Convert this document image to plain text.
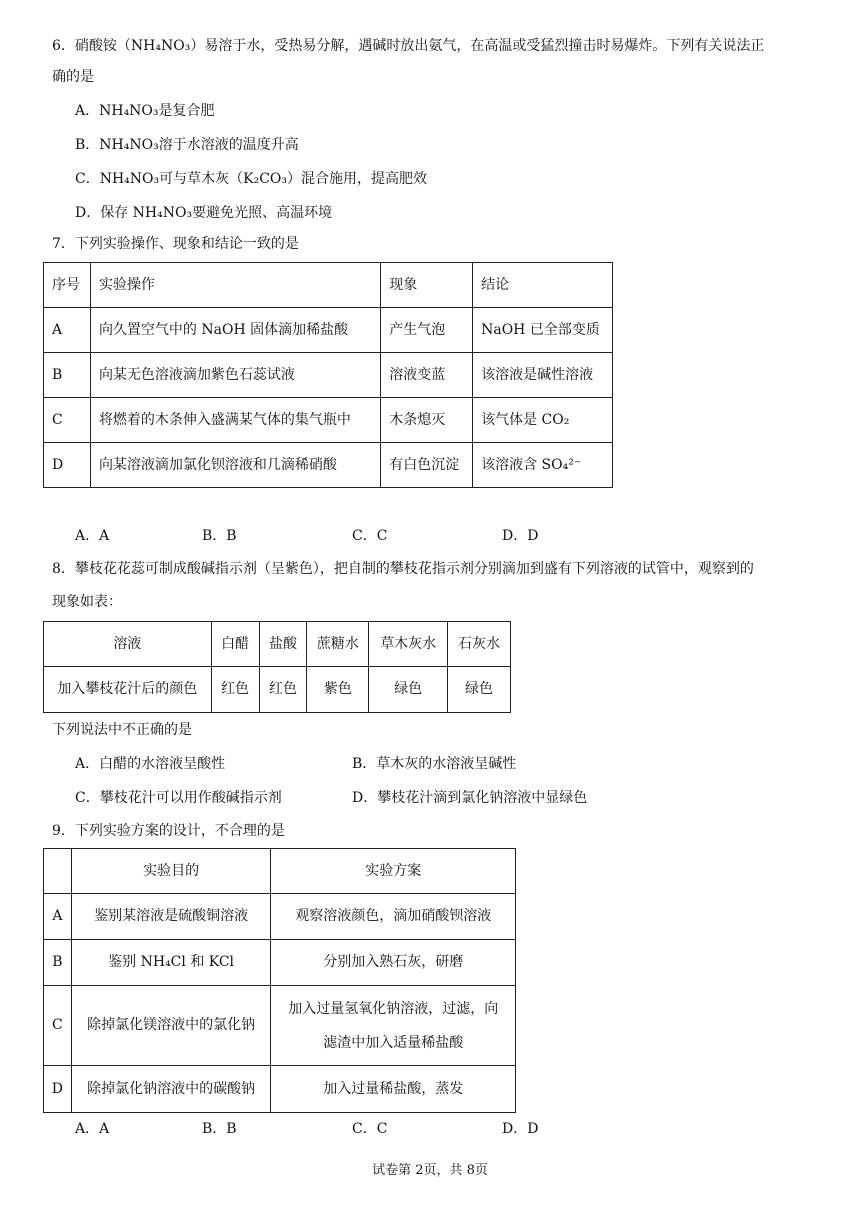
6．硝酸铵（NH₄NO₃）易溶于水，受热易分解，遇碱时放出氨气，在高温或受猛烈撞击时易爆炸。下列有关说法正
确的是
A．NH₄NO₃是复合肥
B．NH₄NO₃溶于水溶液的温度升高
C．NH₄NO₃可与草木灰（K₂CO₃）混合施用，提高肥效
D．保存 NH₄NO₃要避免光照、高温环境
7．下列实验操作、现象和结论一致的是
序号	实验操作	现象	结论
A	向久置空气中的 NaOH 固体滴加稀盐酸	产生气泡	NaOH 已全部变质
B	向某无色溶液滴加紫色石蕊试液	溶液变蓝	该溶液是碱性溶液
C	将燃着的木条伸入盛满某气体的集气瓶中	木条熄灭	该气体是 CO₂
D	向某溶液滴加氯化钡溶液和几滴稀硝酸	有白色沉淀	该溶液含 SO₄²⁻
A．A	B．B	C．C	D．D
8．攀枝花花蕊可制成酸碱指示剂（呈紫色），把自制的攀枝花指示剂分别滴加到盛有下列溶液的试管中，观察到的
现象如表：
溶液	白醋	盐酸	蔗糖水	草木灰水	石灰水
加入攀枝花汁后的颜色	红色	红色	紫色	绿色	绿色
下列说法中不正确的是
A．白醋的水溶液呈酸性	B．草木灰的水溶液呈碱性
C．攀枝花汁可以用作酸碱指示剂	D．攀枝花汁滴到氯化钠溶液中显绿色
9．下列实验方案的设计，不合理的是
	实验目的	实验方案
A	鉴别某溶液是硫酸铜溶液	观察溶液颜色，滴加硝酸钡溶液
B	鉴别 NH₄Cl 和 KCl	分别加入熟石灰，研磨
C	除掉氯化镁溶液中的氯化钠	加入过量氢氧化钠溶液，过滤，向
滤渣中加入适量稀盐酸

D	除掉氯化钠溶液中的碳酸钠	加入过量稀盐酸，蒸发
A．A	B．B	C．C	D．D
试卷第 2页，共 8页
